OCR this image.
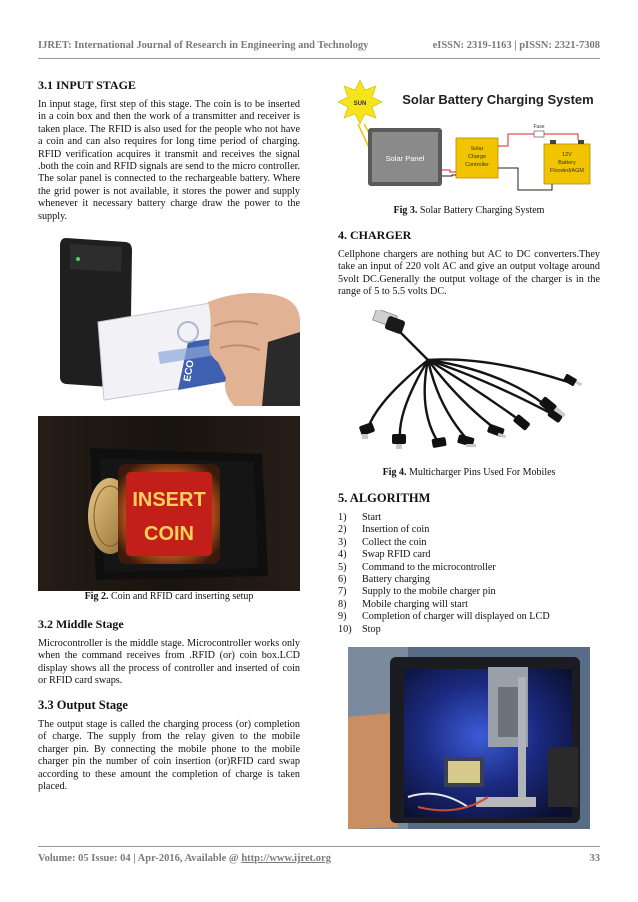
IJRET: International Journal of Research in Engineering and Technology	eISSN: 2319-1163 | pISSN: 2321-7308
3.1 INPUT STAGE

In input stage, first step of this stage. The coin is to be inserted in a coin box and then the work of a transmitter and receiver is taken place. The RFID is also used for the people who not have a coin and can also requires for long time period of charging. RFID verification acquires it transmit and receives the signal .both the coin and RFID signals are send to the micro controller. The solar panel is connected to the rechargeable battery. Where the grid power is not available, it stores the power and supply whenever it necessary battery charge draw the power to the supply.

ECO
INSERT
COIN
Fig 2. Coin and RFID card inserting setup
3.2 Middle Stage

Microcontroller is the middle stage. Microcontroller works only when the command receives from .RFID (or) coin box.LCD display shows all the process of controller and inserted of coin or RFID card swaps.

3.3 Output Stage

The output stage is called the charging process (or) completion of charge. The supply from the relay given to the mobile charger pin. By connecting the mobile phone to the mobile charger pin the number of coin insertion (or)RFID card swap according to these amount the completion of charge is taken placed.

SUN	Solar Battery Charging System
Solar Panel
Solar
Charge
Controller
12V
Battery
Flooded/AGM
Fuse
Fig 3. Solar Battery Charging System
4. CHARGER

Cellphone chargers are nothing but AC to DC converters.They take an input of 220 volt AC and give an output voltage around 5volt DC.Generally the output voltage of the charger is in the range of 5 to 5.5 volts DC.

Fig 4. Multicharger Pins Used For Mobiles
5. ALGORITHM
1)	Start
2)	Insertion of coin
3)	Collect the coin
4)	Swap RFID card
5)	Command to the microcontroller
6)	Battery charging
7)	Supply to the mobile charger pin
8)	Mobile charging will start
9)	Completion of charger will displayed on LCD
10)	Stop
Volume: 05 Issue: 04 | Apr-2016, Available @ http://www.ijret.org	33
